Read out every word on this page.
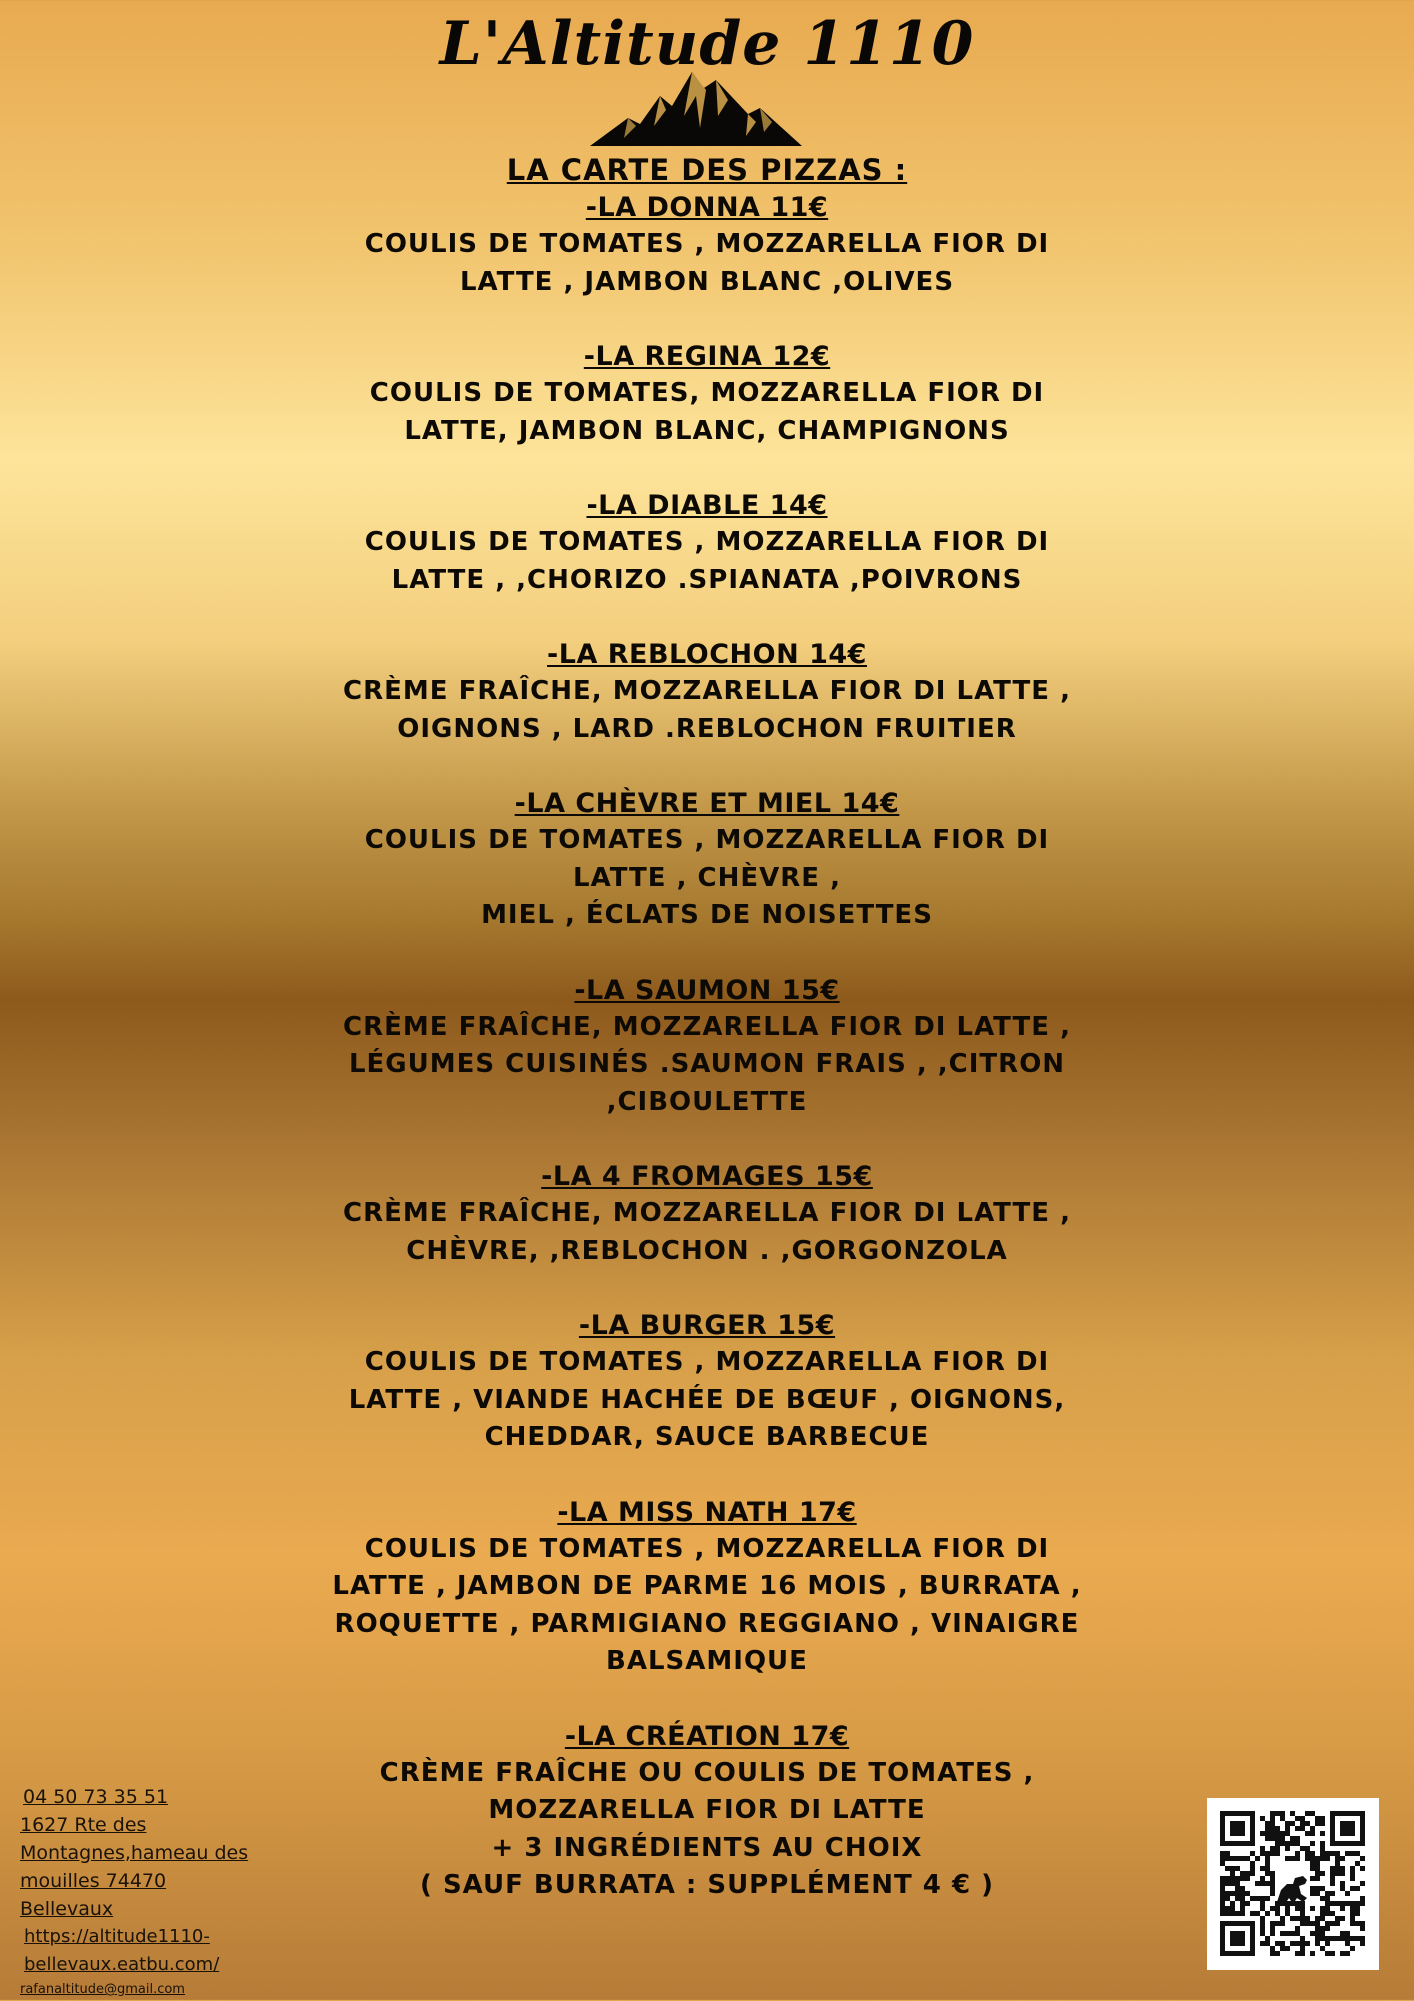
L'Altitude 1110
LA CARTE DES PIZZAS :

-LA DONNA 11€

COULIS DE TOMATES , MOZZARELLA FIOR DI
LATTE , JAMBON BLANC ,OLIVES

-LA REGINA 12€

COULIS DE TOMATES, MOZZARELLA FIOR DI
LATTE, JAMBON BLANC, CHAMPIGNONS

-LA DIABLE 14€

COULIS DE TOMATES , MOZZARELLA FIOR DI
LATTE , ,CHORIZO .SPIANATA ,POIVRONS

-LA REBLOCHON 14€

CRÈME FRAÎCHE, MOZZARELLA FIOR DI LATTE ,
OIGNONS , LARD .REBLOCHON FRUITIER

-LA CHÈVRE ET MIEL 14€

COULIS DE TOMATES , MOZZARELLA FIOR DI
LATTE , CHÈVRE ,
MIEL , ÉCLATS DE NOISETTES

-LA SAUMON 15€

CRÈME FRAÎCHE, MOZZARELLA FIOR DI LATTE ,
LÉGUMES CUISINÉS .SAUMON FRAIS , ,CITRON
,CIBOULETTE

-LA 4 FROMAGES 15€

CRÈME FRAÎCHE, MOZZARELLA FIOR DI LATTE ,
CHÈVRE, ,REBLOCHON . ,GORGONZOLA

-LA BURGER 15€

COULIS DE TOMATES , MOZZARELLA FIOR DI
LATTE , VIANDE HACHÉE DE BŒUF , OIGNONS,
CHEDDAR, SAUCE BARBECUE

-LA MISS NATH 17€

COULIS DE TOMATES , MOZZARELLA FIOR DI
LATTE , JAMBON DE PARME 16 MOIS , BURRATA ,
ROQUETTE , PARMIGIANO REGGIANO , VINAIGRE
BALSAMIQUE

-LA CRÉATION 17€

CRÈME FRAÎCHE OU COULIS DE TOMATES ,
MOZZARELLA FIOR DI LATTE
+ 3 INGRÉDIENTS AU CHOIX
( SAUF BURRATA : SUPPLÉMENT 4 € )

04 50 73 35 51
1627 Rte des
Montagnes,hameau des
mouilles 74470
Bellevaux
https://altitude1110-bellevaux.eatbu.com/
rafanaltitude@gmail.com
